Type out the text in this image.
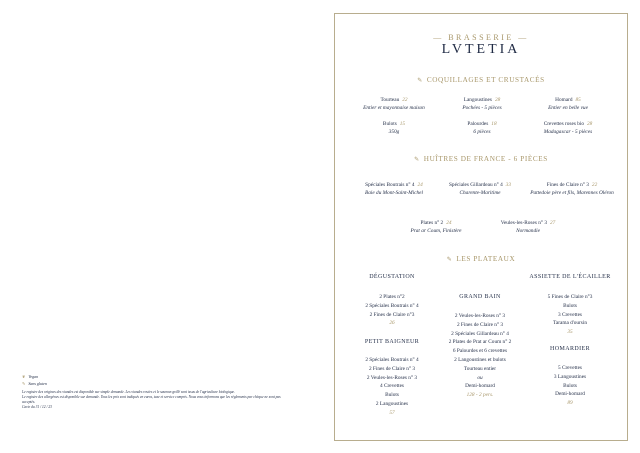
❦ Vegan
✎ Sans gluten
Le registre des origines des viandes est disponible sur simple demande. Les viandes rosées et le saumon grillé sont issus de l'agriculture biologique.
Le registre des allergènes est disponible sur demande. Tous les prix sont indiqués en euros, taxe et service compris. Nous vous informons que les règlements par chèque ne sont pas acceptés.
Carte du 31 / 12 / 23
— BRASSERIE —
LVTETIA
✎ COQUILLAGES ET CRUSTACÉS
Tourteau 22
Entier et mayonnaise maison
Langoustines 28
Pochées - 5 pièces
Homard 85
Entier en belle vue
Bulots 15
350g
Palourdes 18
6 pièces
Crevettes roses bio 28
Madagascar - 5 pièces
✎ HUÎTRES DE FRANCE - 6 PIÈCES
Spéciales Boutrais n° 4 24
Baie du Mont-Saint-Michel
Spéciales Gillardeau n° 4 33
Charente-Maritime
Fines de Claire n° 3 22
Pattedoie père et fils, Marennes Oléron
Plates n° 2 24
Prat ar Coum, Finistère
Veules-les-Roses n° 3 27
Normandie
✎ LES PLATEAUX
DÉGUSTATION
2 Plates n°2
2 Spéciales Boutrais n° 4
2 Fines de Claire n°3
26
PETIT BAIGNEUR
2 Spéciales Boutrais n° 4
2 Fines de Claire n° 3
2 Veules-les-Roses n° 3
4 Crevettes
Bulots
2 Langoustines
57
GRAND BAIN
2 Veules-les-Roses n° 3
2 Fines de Claire n° 3
2 Spéciales Gillardeau n° 4
2 Plates de Prat ar Coum n° 2
6 Palourdes et 6 crevettes
2 Langoustines et bulots
Tourteau entier
ou
Demi-homard
128 - 2 pers.
ASSIETTE DE L'ÉCAILLER
5 Fines de Claire n°3
Bulots
3 Crevettes
Tarama d'oursin
35
HOMARDIER
5 Crevettes
3 Langoustines
Bulots
Demi-homard
89
